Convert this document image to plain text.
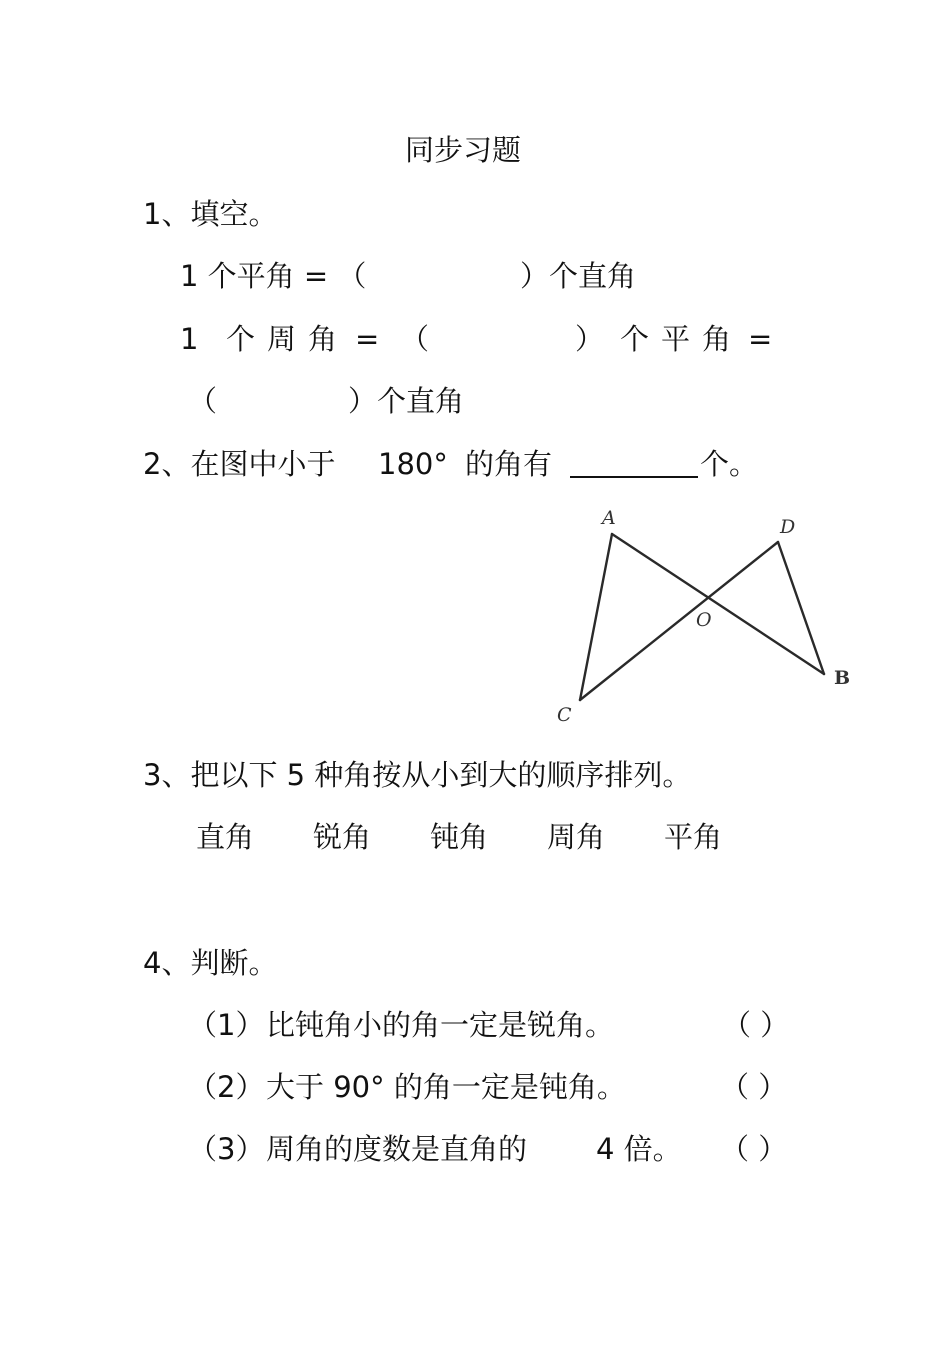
同步习题
1、填空。
1 个平角 = （	）个直角
1 个 周 角 = （	） 个 平 角 =
（	）个直角
2、在图中小于 180° 的角有	个。
A	D
O
C
B
3、把以下 5 种角按从小到大的顺序排列。
直角 锐角 钝角 周角 平角
4、判断。
（1） 比钝角小的角一定是锐角。	（ ）
（2） 大于 90° 的角一定是钝角。	（ ）
（3） 周角的度数是直角的 4 倍。 （ ）
